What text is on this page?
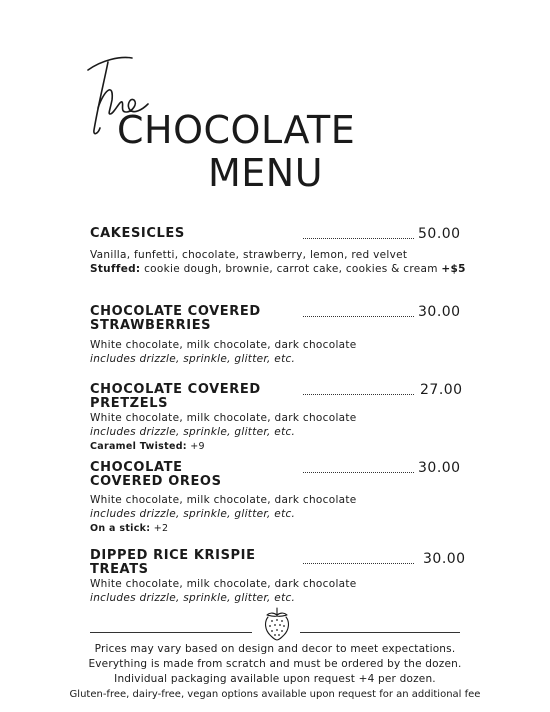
CHOCOLATE
MENU
CAKESICLES	50.00
Vanilla, funfetti, chocolate, strawberry, lemon, red velvet
Stuffed: cookie dough, brownie, carrot cake, cookies & cream +$5
CHOCOLATE COVERED
STRAWBERRIES
30.00
White chocolate, milk chocolate, dark chocolate
includes drizzle, sprinkle, glitter, etc.
CHOCOLATE COVERED
PRETZELS
27.00
White chocolate, milk chocolate, dark chocolate
includes drizzle, sprinkle, glitter, etc.
Caramel Twisted: +9
CHOCOLATE
COVERED OREOS
30.00
White chocolate, milk chocolate, dark chocolate
includes drizzle, sprinkle, glitter, etc.
On a stick: +2
DIPPED RICE KRISPIE
TREATS
30.00
White chocolate, milk chocolate, dark chocolate
includes drizzle, sprinkle, glitter, etc.
Prices may vary based on design and decor to meet expectations.
Everything is made from scratch and must be ordered by the dozen.
Individual packaging available upon request +4 per dozen.
Gluten-free, dairy-free, vegan options available upon request for an additional fee
